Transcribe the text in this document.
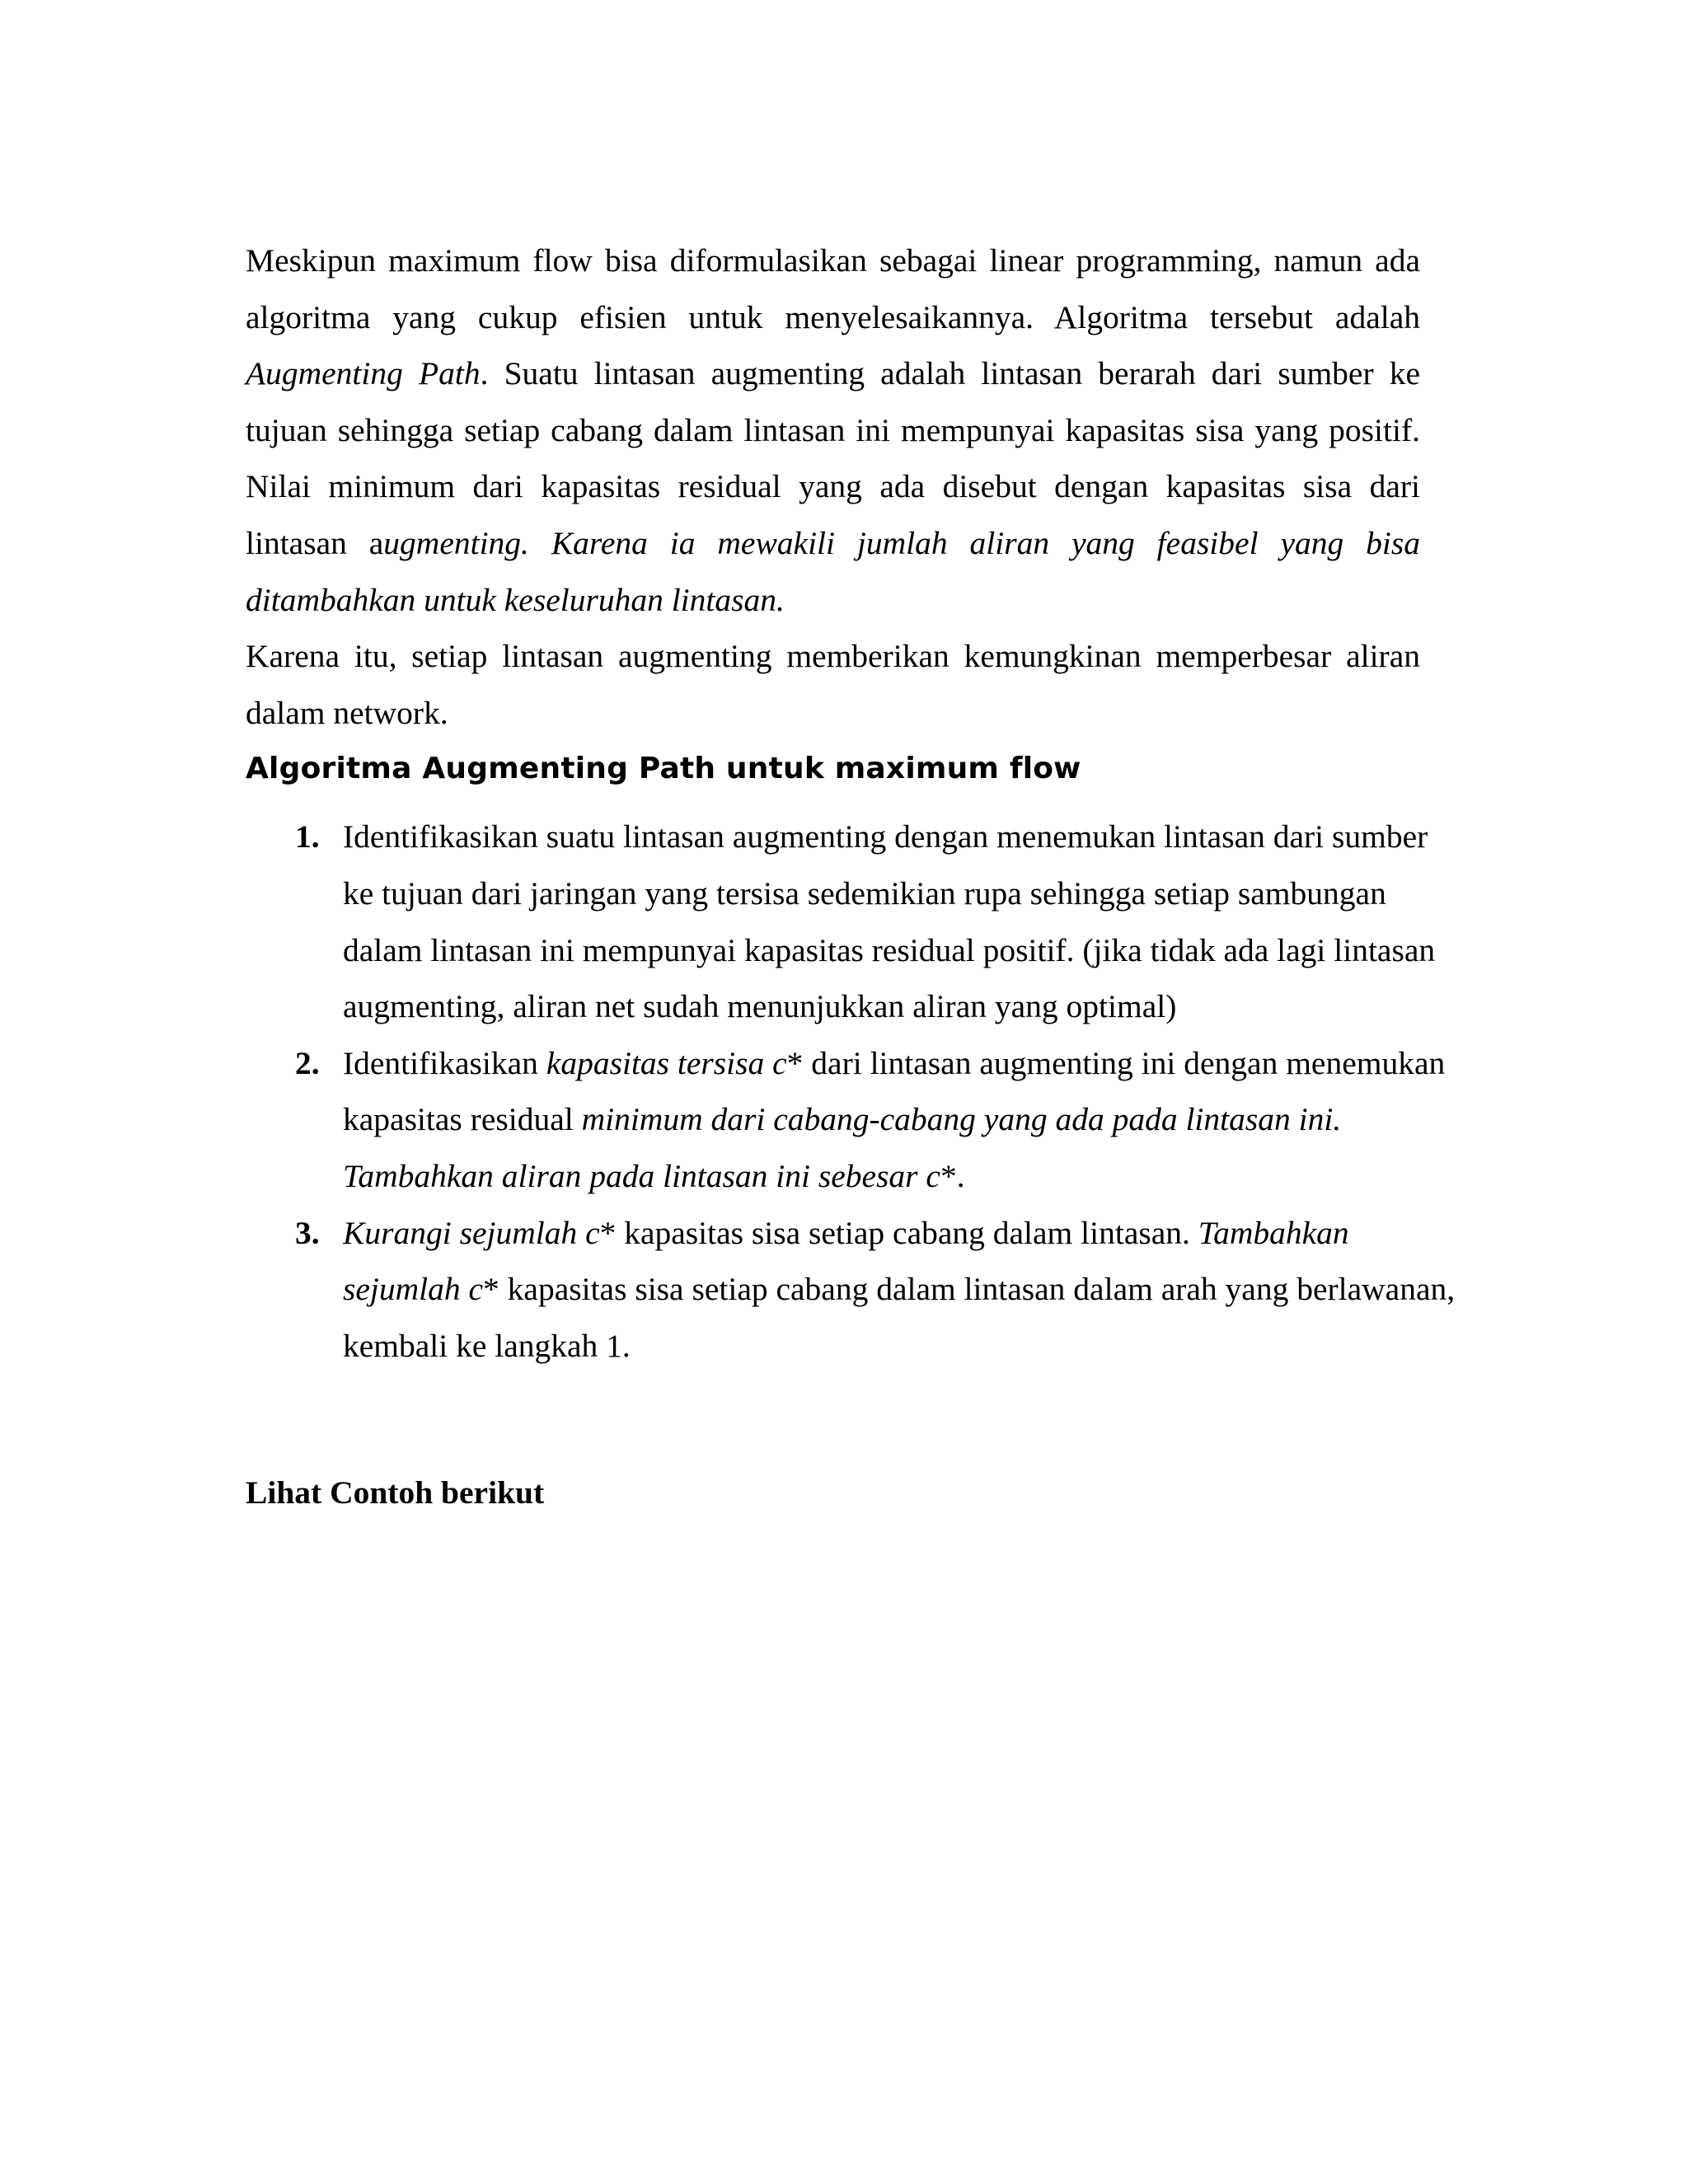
Meskipun maximum flow bisa diformulasikan sebagai linear programming, namun ada algoritma yang cukup efisien untuk menyelesaikannya. Algoritma tersebut adalah Augmenting Path. Suatu lintasan augmenting adalah lintasan berarah dari sumber ke tujuan sehingga setiap cabang dalam lintasan ini mempunyai kapasitas sisa yang positif. Nilai minimum dari kapasitas residual yang ada disebut dengan kapasitas sisa dari lintasan augmenting. Karena ia mewakili jumlah aliran yang feasibel yang bisa ditambahkan untuk keseluruhan lintasan.

Karena itu, setiap lintasan augmenting memberikan kemungkinan memperbesar aliran dalam network.

Algoritma Augmenting Path untuk maximum flow
1. Identifikasikan suatu lintasan augmenting dengan menemukan lintasan dari sumber ke tujuan dari jaringan yang tersisa sedemikian rupa sehingga setiap sambungan dalam lintasan ini mempunyai kapasitas residual positif. (jika tidak ada lagi lintasan augmenting, aliran net sudah menunjukkan aliran yang optimal)
2. Identifikasikan kapasitas tersisa c* dari lintasan augmenting ini dengan menemukan kapasitas residual minimum dari cabang-cabang yang ada pada lintasan ini. Tambahkan aliran pada lintasan ini sebesar c*.
3. Kurangi sejumlah c* kapasitas sisa setiap cabang dalam lintasan. Tambahkan sejumlah c* kapasitas sisa setiap cabang dalam lintasan dalam arah yang berlawanan, kembali ke langkah 1.

Lihat Contoh berikut
